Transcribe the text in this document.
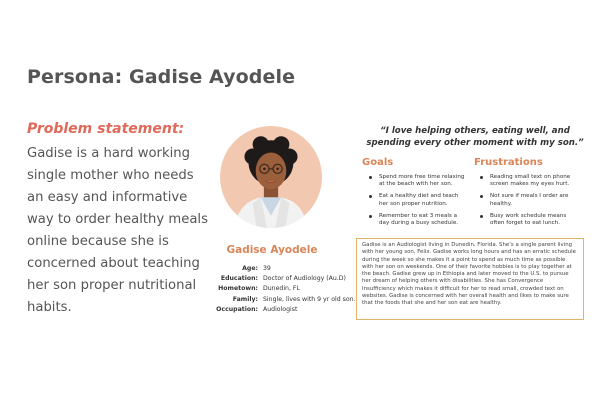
Persona: Gadise Ayodele
Problem statement:
Gadise is a hard working
single mother who needs
an easy and informative
way to order healthy meals
online because she is
concerned about teaching
her son proper nutritional
habits.
Gadise Ayodele
Age: 39
Education: Doctor of Audiology (Au.D)
Hometown: Dunedin, FL
Family: Single, lives with 9 yr old son.
Occupation: Audiologist
“I love helping others, eating well, and spending every other moment with my son.”
Goals
Spend more free time relaxing at the beach with her son.
Eat a healthy diet and teach her son proper nutrition.
Remember to eat 3 meals a day during a busy schedule.
Frustrations
Reading small text on phone screen makes my eyes hurt.
Not sure if meals I order are healthy.
Busy work schedule means often forget to eat lunch.
Gadise is an Audiologist living in Dunedin, Florida. She’s a single parent living with her young son, Felix. Gadise works long hours and has an erratic schedule during the week so she makes it a point to spend as much time as possible with her son on weekends. One of their favorite hobbies is to play together at the beach. Gadise grew up in Ethiopia and later moved to the U.S. to pursue her dream of helping others with disabilities. She has Convergence Insufficiency which makes it difficult for her to read small, crowded text on websites. Gadise is concerned with her overall health and likes to make sure that the foods that she and her son eat are healthy.
